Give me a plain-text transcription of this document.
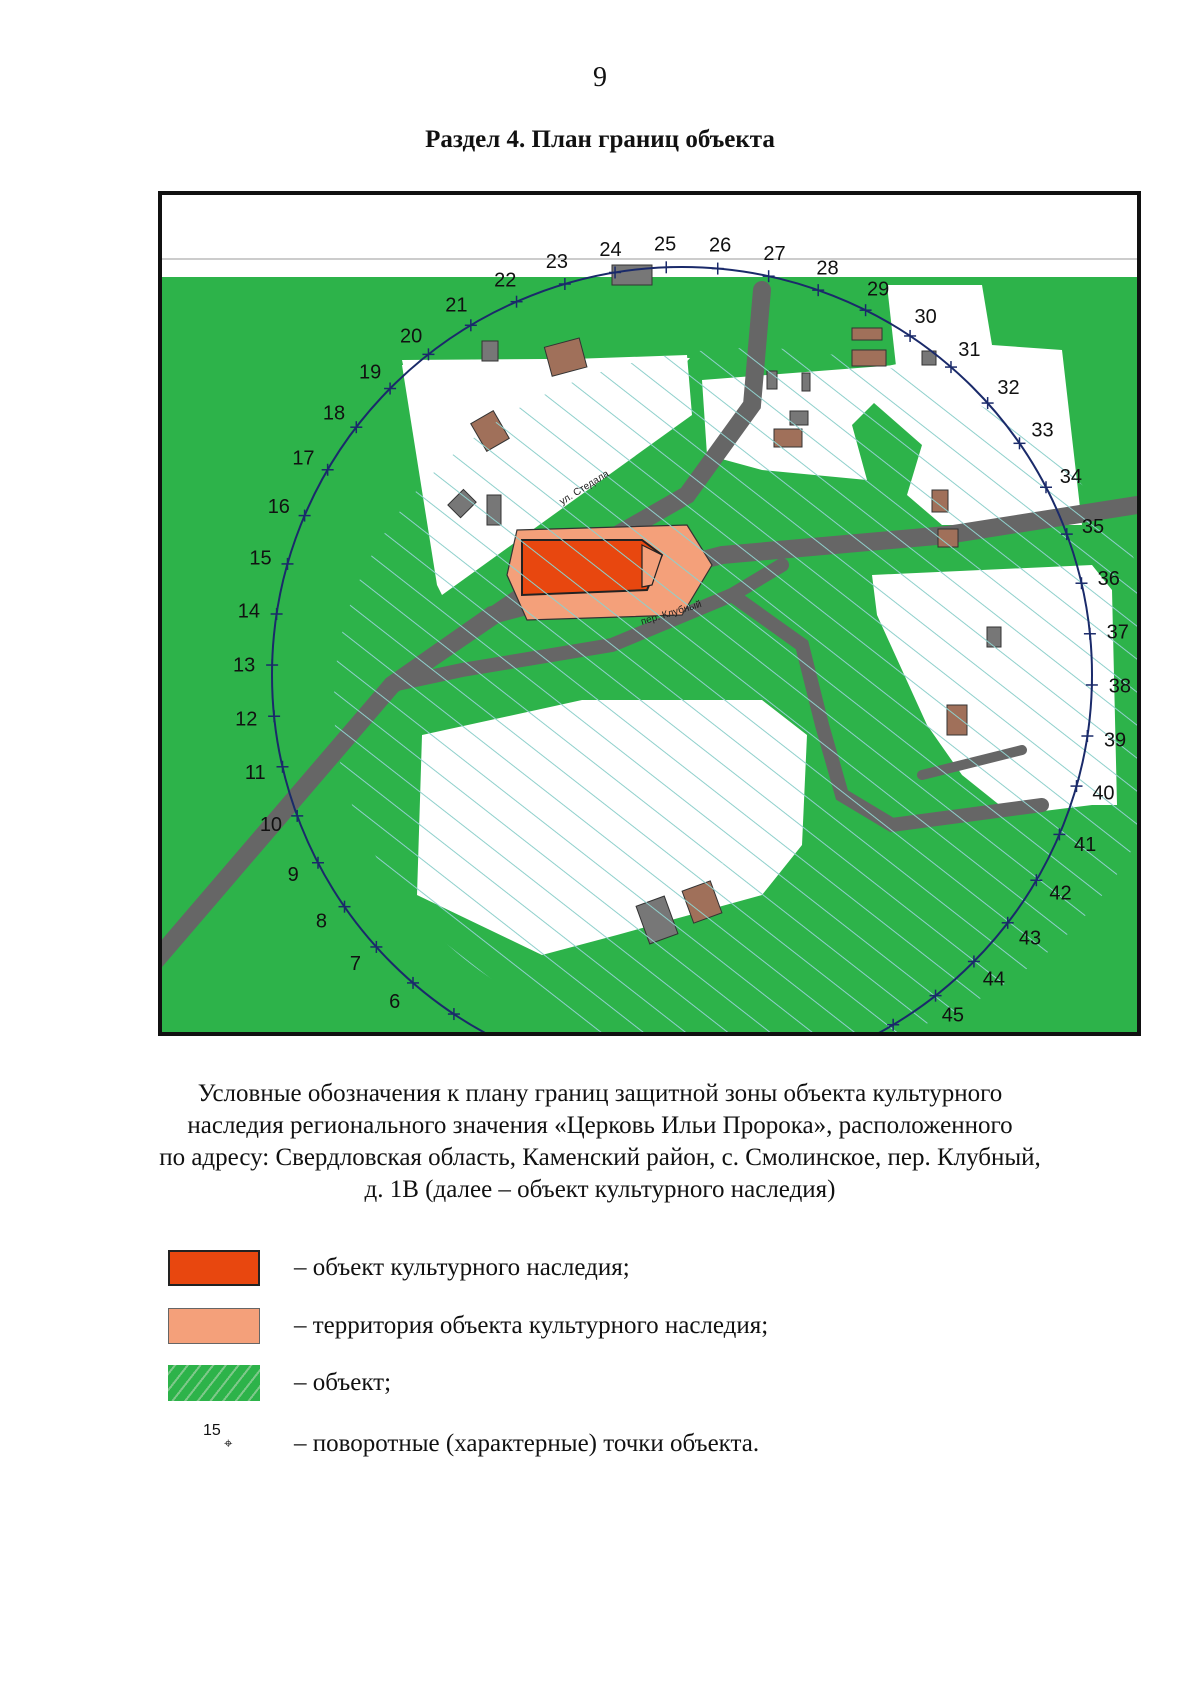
9
Раздел 4. План границ объекта
ул. Стедала
пер. Клубный
6
7
8
9
10
11
12
13
14
15
16
17
18
19
20
21
22
23
24 25 26 27
28
29
30
31
32
33
34
35
36
37
38
39
40
41
42
43
44
45
Условные обозначения к плану границ защитной зоны объекта культурного
наследия регионального значения «Церковь Ильи Пророка», расположенного
по адресу: Свердловская область, Каменский район, с. Смолинское, пер. Клубный,
д. 1В (далее – объект культурного наследия)
– объект культурного наследия;
– территория объекта культурного наследия;
– объект;
15
⌖ – поворотные (характерные) точки объекта.
